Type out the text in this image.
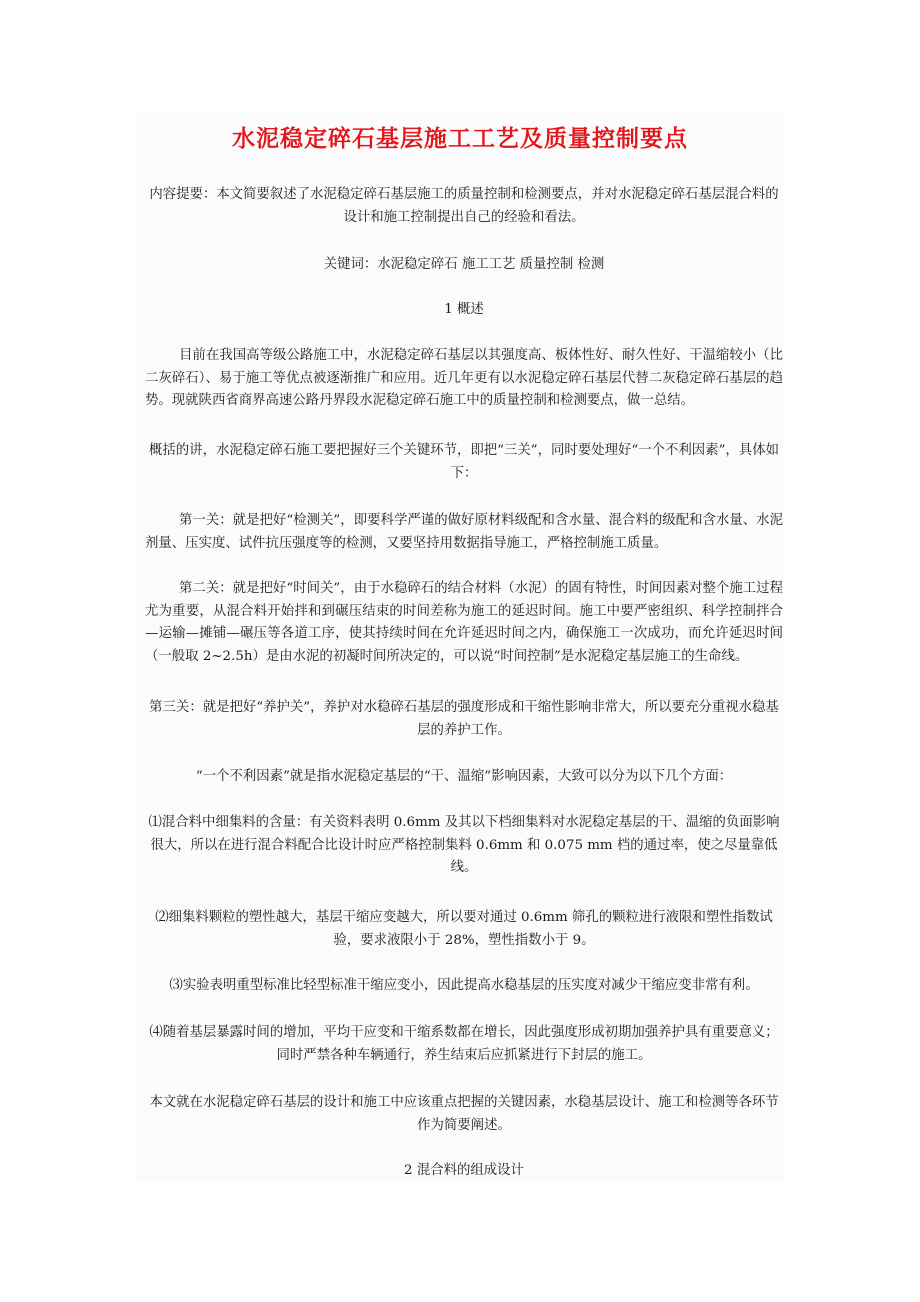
水泥稳定碎石基层施工工艺及质量控制要点

内容提要：本文简要叙述了水泥稳定碎石基层施工的质量控制和检测要点，并对水泥稳定碎石基层混合料的设计和施工控制提出自己的经验和看法。

关键词：水泥稳定碎石 施工工艺 质量控制 检测

1 概述

目前在我国高等级公路施工中，水泥稳定碎石基层以其强度高、板体性好、耐久性好、干温缩较小（比二灰碎石）、易于施工等优点被逐渐推广和应用。近几年更有以水泥稳定碎石基层代替二灰稳定碎石基层的趋势。现就陕西省商界高速公路丹界段水泥稳定碎石施工中的质量控制和检测要点，做一总结。

概括的讲，水泥稳定碎石施工要把握好三个关键环节，即把“三关”，同时要处理好“一个不利因素”，具体如下：

第一关：就是把好“检测关”，即要科学严谨的做好原材料级配和含水量、混合料的级配和含水量、水泥剂量、压实度、试件抗压强度等的检测，又要坚持用数据指导施工，严格控制施工质量。

第二关：就是把好“时间关”，由于水稳碎石的结合材料（水泥）的固有特性，时间因素对整个施工过程尤为重要，从混合料开始拌和到碾压结束的时间差称为施工的延迟时间。施工中要严密组织、科学控制拌合—运输—摊铺—碾压等各道工序，使其持续时间在允许延迟时间之内，确保施工一次成功，而允许延迟时间（一般取 2~2.5h）是由水泥的初凝时间所决定的，可以说“时间控制”是水泥稳定基层施工的生命线。

第三关：就是把好“养护关”，养护对水稳碎石基层的强度形成和干缩性影响非常大，所以要充分重视水稳基层的养护工作。

“一个不利因素”就是指水泥稳定基层的“干、温缩”影响因素，大致可以分为以下几个方面：

⑴混合料中细集料的含量：有关资料表明 0.6mm 及其以下档细集料对水泥稳定基层的干、温缩的负面影响很大，所以在进行混合料配合比设计时应严格控制集料 0.6mm 和 0.075 mm 档的通过率，使之尽量靠低线。

⑵细集料颗粒的塑性越大，基层干缩应变越大，所以要对通过 0.6mm 筛孔的颗粒进行液限和塑性指数试验，要求液限小于 28%，塑性指数小于 9。

⑶实验表明重型标准比轻型标准干缩应变小，因此提高水稳基层的压实度对减少干缩应变非常有利。

⑷随着基层暴露时间的增加，平均干应变和干缩系数都在增长，因此强度形成初期加强养护具有重要意义；同时严禁各种车辆通行，养生结束后应抓紧进行下封层的施工。

本文就在水泥稳定碎石基层的设计和施工中应该重点把握的关键因素，水稳基层设计、施工和检测等各环节作为简要阐述。

2 混合料的组成设计
